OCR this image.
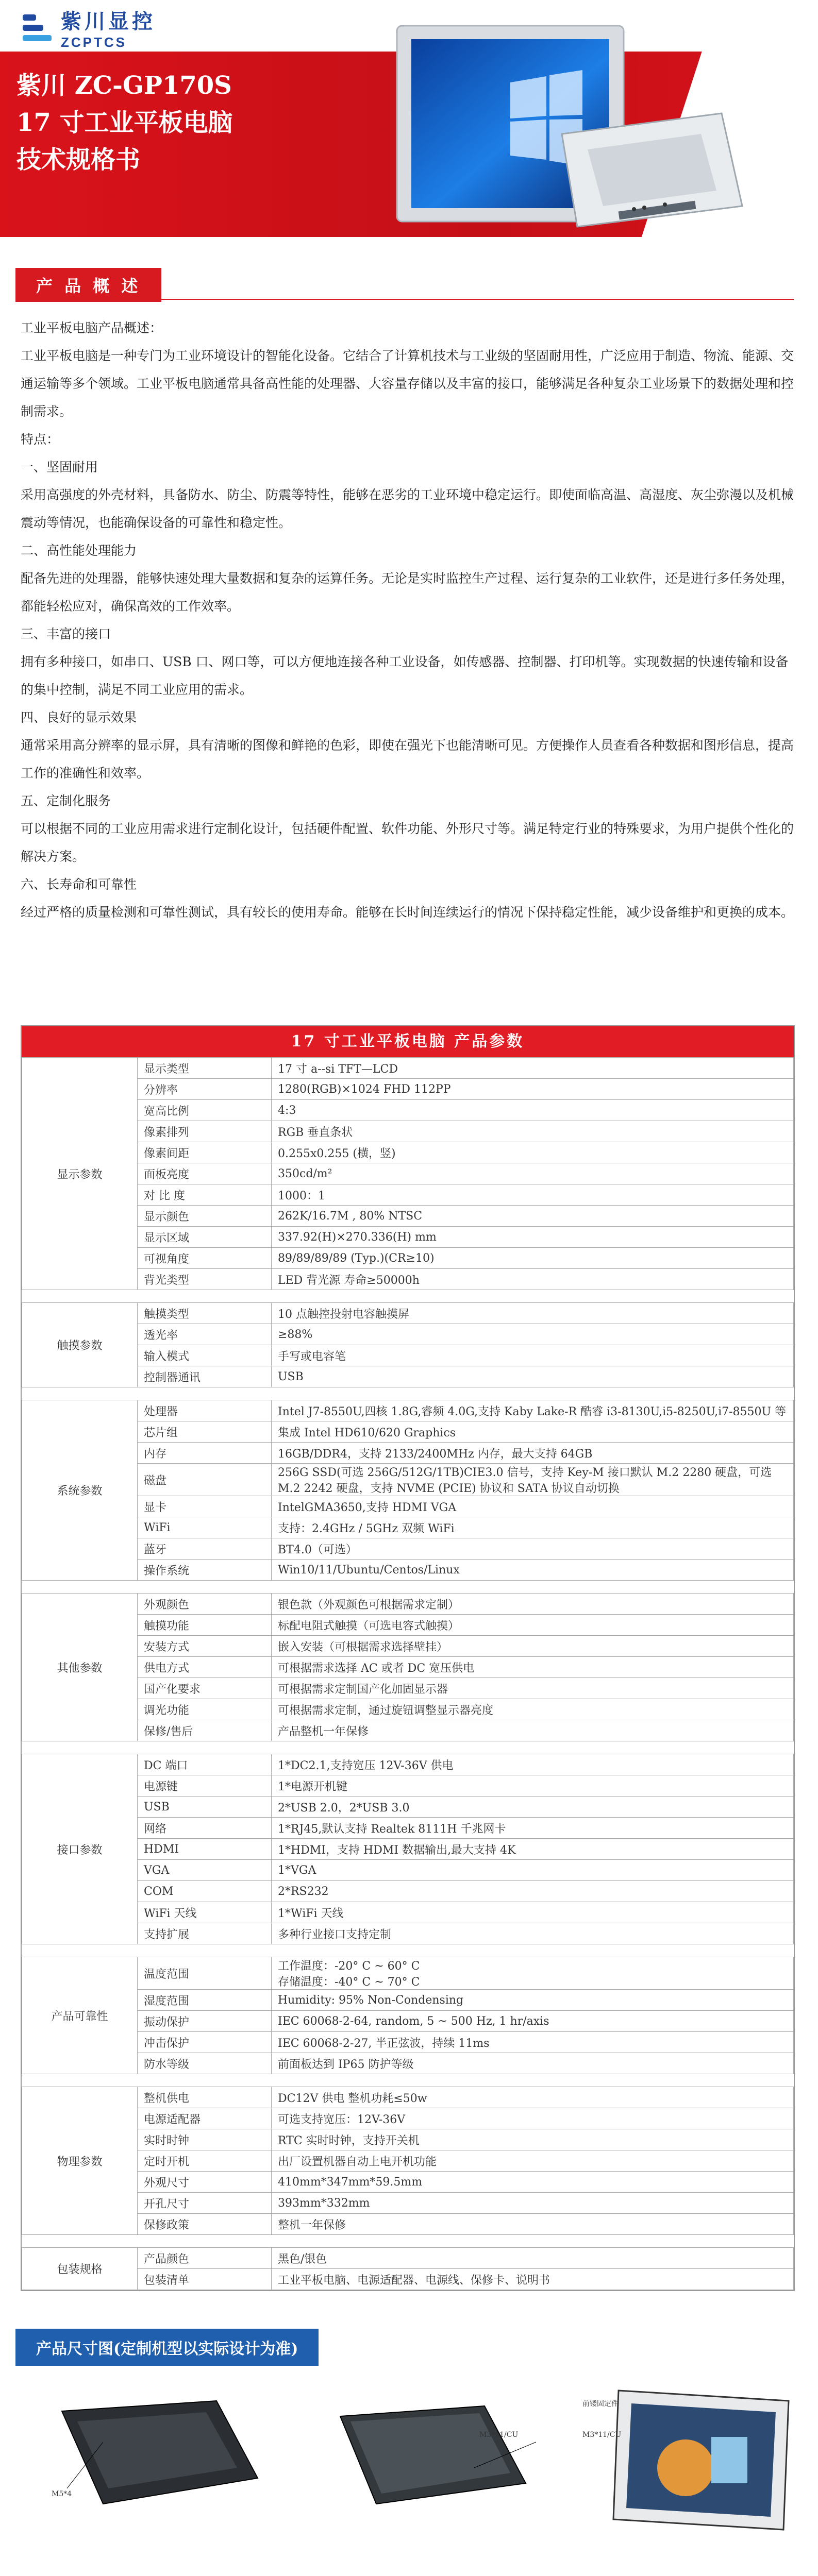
紫川显控
ZCPTCS
紫川 ZC-GP170S
17 寸工业平板电脑
技术规格书
产 品 概 述

工业平板电脑产品概述：

工业平板电脑是一种专门为工业环境设计的智能化设备。它结合了计算机技术与工业级的坚固耐用性，广泛应用于制造、物流、能源、交通运输等多个领域。工业平板电脑通常具备高性能的处理器、大容量存储以及丰富的接口，能够满足各种复杂工业场景下的数据处理和控制需求。

特点：

一、坚固耐用

采用高强度的外壳材料，具备防水、防尘、防震等特性，能够在恶劣的工业环境中稳定运行。即使面临高温、高湿度、灰尘弥漫以及机械震动等情况，也能确保设备的可靠性和稳定性。

二、高性能处理能力

配备先进的处理器，能够快速处理大量数据和复杂的运算任务。无论是实时监控生产过程、运行复杂的工业软件，还是进行多任务处理，都能轻松应对，确保高效的工作效率。

三、丰富的接口

拥有多种接口，如串口、USB 口、网口等，可以方便地连接各种工业设备，如传感器、控制器、打印机等。实现数据的快速传输和设备的集中控制，满足不同工业应用的需求。

四、良好的显示效果

通常采用高分辨率的显示屏，具有清晰的图像和鲜艳的色彩，即使在强光下也能清晰可见。方便操作人员查看各种数据和图形信息，提高工作的准确性和效率。

五、定制化服务

可以根据不同的工业应用需求进行定制化设计，包括硬件配置、软件功能、外形尺寸等。满足特定行业的特殊要求，为用户提供个性化的解决方案。

六、长寿命和可靠性

经过严格的质量检测和可靠性测试，具有较长的使用寿命。能够在长时间连续运行的情况下保持稳定性能，减少设备维护和更换的成本。

17 寸工业平板电脑 产品参数
显示参数	显示类型	17 寸 a--si TFT—LCD
	分辨率	1280(RGB)×1024 FHD 112PP
	宽高比例	4:3
	像素排列	RGB 垂直条状
	像素间距	0.255x0.255 (横，竖)
	面板亮度	350cd/m²
	对 比 度	1000：1
	显示颜色	262K/16.7M , 80% NTSC
	显示区域	337.92(H)×270.336(H) mm
	可视角度	89/89/89/89 (Typ.)(CR≥10)
	背光类型	LED 背光源 寿命≥50000h

触摸参数	触摸类型	10 点触控投射电容触摸屏
	透光率	≥88%
	输入模式	手写或电容笔
	控制器通讯	USB

系统参数	处理器	Intel J7-8550U,四核 1.8G,睿频 4.0G,支持 Kaby Lake-R 酷睿 i3-8130U,i5-8250U,i7-8550U 等
	芯片组	集成 Intel HD610/620 Graphics
	内存	16GB/DDR4，支持 2133/2400MHz 内存，最大支持 64GB
	磁盘	256G SSD(可选 256G/512G/1TB)CIE3.0 信号，支持 Key-M 接口默认 M.2 2280 硬盘，可选 M.2 2242 硬盘，支持 NVME (PCIE) 协议和 SATA 协议自动切换
	显卡	IntelGMA3650,支持 HDMI VGA
	WiFi	支持：2.4GHz / 5GHz 双频 WiFi
	蓝牙	BT4.0（可选）
	操作系统	Win10/11/Ubuntu/Centos/Linux

其他参数	外观颜色	银色款（外观颜色可根据需求定制）
	触摸功能	标配电阻式触摸（可选电容式触摸）
	安装方式	嵌入安装（可根据需求选择壁挂）
	供电方式	可根据需求选择 AC 或者 DC 宽压供电
	国产化要求	可根据需求定制国产化加固显示器
	调光功能	可根据需求定制，通过旋钮调整显示器亮度
	保修/售后	产品整机一年保修

接口参数	DC 端口	1*DC2.1,支持宽压 12V-36V 供电
	电源键	1*电源开机键
	USB	2*USB 2.0，2*USB 3.0
	网络	1*RJ45,默认支持 Realtek 8111H 千兆网卡
	HDMI	1*HDMI，支持 HDMI 数据输出,最大支持 4K
	VGA	1*VGA
	COM	2*RS232
	WiFi 天线	1*WiFi 天线
	支持扩展	多种行业接口支持定制

产品可靠性	温度范围	工作温度：-20° C ~ 60° C
存储温度：-40° C ~ 70° C
	湿度范围	Humidity: 95% Non-Condensing
	振动保护	IEC 60068-2-64, random, 5 ~ 500 Hz, 1 hr/axis
	冲击保护	IEC 60068-2-27, 半正弦波，持续 11ms
	防水等级	前面板达到 IP65 防护等级

物理参数	整机供电	DC12V 供电 整机功耗≤50w
	电源适配器	可选支持宽压：12V-36V
	实时时钟	RTC 实时时钟，支持开关机
	定时开机	出厂设置机器自动上电开机功能
	外观尺寸	410mm*347mm*59.5mm
	开孔尺寸	393mm*332mm
	保修政策	整机一年保修

包装规格	产品颜色	黑色/银色
	包装清单	工业平板电脑、电源适配器、电源线、保修卡、说明书
产品尺寸图(定制机型以实际设计为准)
M5*4
M3*11/CU
前镂固定件
M3*11/CU
